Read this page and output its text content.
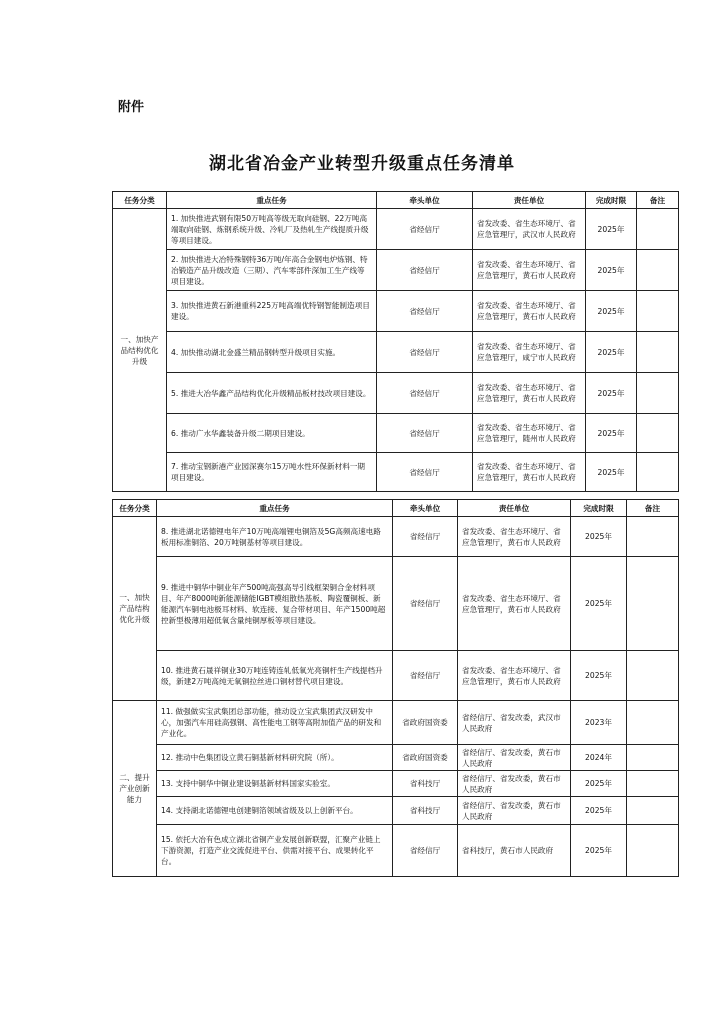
附件
湖北省冶金产业转型升级重点任务清单
任务分类	重点任务	牵头单位	责任单位	完成时限	备注
一、加快产品结构优化升级	1. 加快推进武钢有限50万吨高等级无取向硅钢、22万吨高端取向硅钢、炼钢系统升级、冷轧厂及热轧生产线提质升级等项目建设。	省经信厅	省发改委、省生态环境厅、省应急管理厅，武汉市人民政府	2025年	
	2. 加快推进大冶特殊钢特36万吨/年高合金钢电炉炼钢、特冶锻造产品升级改造（三期）、汽车零部件深加工生产线等项目建设。	省经信厅	省发改委、省生态环境厅、省应急管理厅，黄石市人民政府	2025年	
	3. 加快推进黄石新港重科225万吨高端优特钢智能制造项目建设。	省经信厅	省发改委、省生态环境厅、省应急管理厅，黄石市人民政府	2025年	
	4. 加快推动湖北金盛兰精品钢转型升级项目实施。	省经信厅	省发改委、省生态环境厅、省应急管理厅，咸宁市人民政府	2025年	
	5. 推进大冶华鑫产品结构优化升级精品板材技改项目建设。	省经信厅	省发改委、省生态环境厅、省应急管理厅，黄石市人民政府	2025年	
	6. 推动广水华鑫装备升级二期项目建设。	省经信厅	省发改委、省生态环境厅、省应急管理厅，随州市人民政府	2025年	
	7. 推动宝钢新港产业园深赛尔15万吨水性环保新材料一期项目建设。	省经信厅	省发改委、省生态环境厅、省应急管理厅，黄石市人民政府	2025年	
任务分类	重点任务	牵头单位	责任单位	完成时限	备注
一、加快产品结构优化升级	8. 推进湖北诺德锂电年产10万吨高端锂电铜箔及5G高频高速电路板用标准铜箔、20万吨铜基材等项目建设。	省经信厅	省发改委、省生态环境厅、省应急管理厅，黄石市人民政府	2025年	
	9. 推进中铜华中铜业年产500吨高强高导引线框架铜合金材料项目、年产8000吨新能源储能IGBT模组散热基板、陶瓷覆铜板、新能源汽车铜电池极耳材料、软连接、复合带材项目、年产1500吨超控新型极薄用超低氧含量纯铜厚板等项目建设。	省经信厅	省发改委、省生态环境厅、省应急管理厅，黄石市人民政府	2025年	
	10. 推进黄石晟祥铜业30万吨连铸连轧低氧光亮铜杆生产线提档升级，新建2万吨高纯无氧铜拉丝进口铜材替代项目建设。	省经信厅	省发改委、省生态环境厅、省应急管理厅，黄石市人民政府	2025年	
二、提升产业创新能力	11. 做强做实宝武集团总部功能，推动设立宝武集团武汉研发中心，加强汽车用硅高强钢、高性能电工钢等高附加值产品的研发和产业化。	省政府国资委	省经信厅、省发改委，武汉市人民政府	2023年	
	12. 推动中色集团设立黄石铜基新材料研究院（所）。	省政府国资委	省经信厅、省发改委，黄石市人民政府	2024年	
	13. 支持中铜华中铜业建设铜基新材料国家实验室。	省科技厅	省经信厅、省发改委，黄石市人民政府	2025年	
	14. 支持湖北诺德锂电创建铜箔领域省级及以上创新平台。	省科技厅	省经信厅、省发改委，黄石市人民政府	2025年	
	15. 依托大冶有色成立湖北省铜产业发展创新联盟，汇聚产业链上下游资源，打造产业交流促进平台、供需对接平台、成果转化平台。	省经信厅	省科技厅，黄石市人民政府	2025年	
